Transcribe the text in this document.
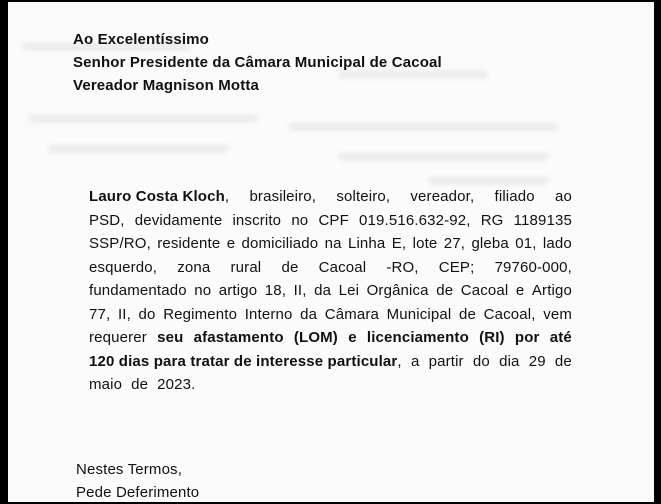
Ao Excelentíssimo
Senhor Presidente da Câmara Municipal de Cacoal
Vereador Magnison Motta
Lauro Costa Kloch, brasileiro, solteiro, vereador, filiado ao
PSD, devidamente inscrito no CPF 019.516.632-92, RG 1189135
SSP/RO, residente e domiciliado na Linha E, lote 27, gleba 01, lado
esquerdo, zona rural de Cacoal -RO, CEP; 79760-000,
fundamentado no artigo 18, II, da Lei Orgânica de Cacoal e Artigo
77, II, do Regimento Interno da Câmara Municipal de Cacoal, vem
requerer seu afastamento (LOM) e licenciamento (RI) por até
120 dias para tratar de interesse particular, a partir do dia 29 de
maio de 2023.
Nestes Termos,
Pede Deferimento
